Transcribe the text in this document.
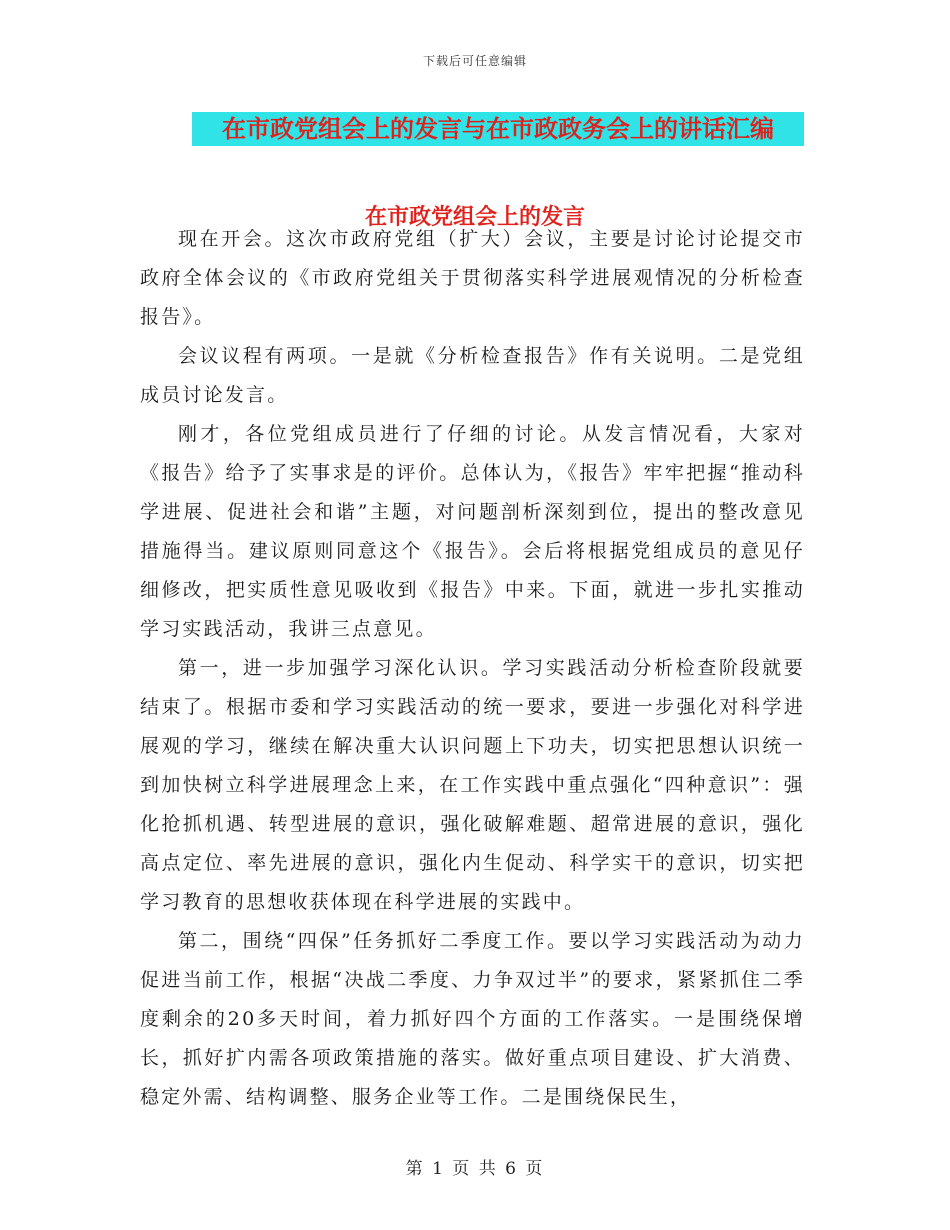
下载后可任意编辑
在市政党组会上的发言与在市政政务会上的讲话汇编
在市政党组会上的发言

现在开会。这次市政府党组（扩大）会议，主要是讨论讨论提交市政府全体会议的《市政府党组关于贯彻落实科学进展观情况的分析检查报告》。

会议议程有两项。一是就《分析检查报告》作有关说明。二是党组成员讨论发言。

刚才，各位党组成员进行了仔细的讨论。从发言情况看，大家对《报告》给予了实事求是的评价。总体认为，《报告》牢牢把握“推动科学进展、促进社会和谐”主题，对问题剖析深刻到位，提出的整改意见措施得当。建议原则同意这个《报告》。会后将根据党组成员的意见仔细修改，把实质性意见吸收到《报告》中来。下面，就进一步扎实推动学习实践活动，我讲三点意见。

第一，进一步加强学习深化认识。学习实践活动分析检查阶段就要结束了。根据市委和学习实践活动的统一要求，要进一步强化对科学进展观的学习，继续在解决重大认识问题上下功夫，切实把思想认识统一到加快树立科学进展理念上来，在工作实践中重点强化“四种意识”：强化抢抓机遇、转型进展的意识，强化破解难题、超常进展的意识，强化高点定位、率先进展的意识，强化内生促动、科学实干的意识，切实把学习教育的思想收获体现在科学进展的实践中。

第二，围绕“四保”任务抓好二季度工作。要以学习实践活动为动力促进当前工作，根据“决战二季度、力争双过半”的要求，紧紧抓住二季度剩余的20多天时间，着力抓好四个方面的工作落实。一是围绕保增长，抓好扩内需各项政策措施的落实。做好重点项目建设、扩大消费、稳定外需、结构调整、服务企业等工作。二是围绕保民生，

第 1 页 共 6 页
